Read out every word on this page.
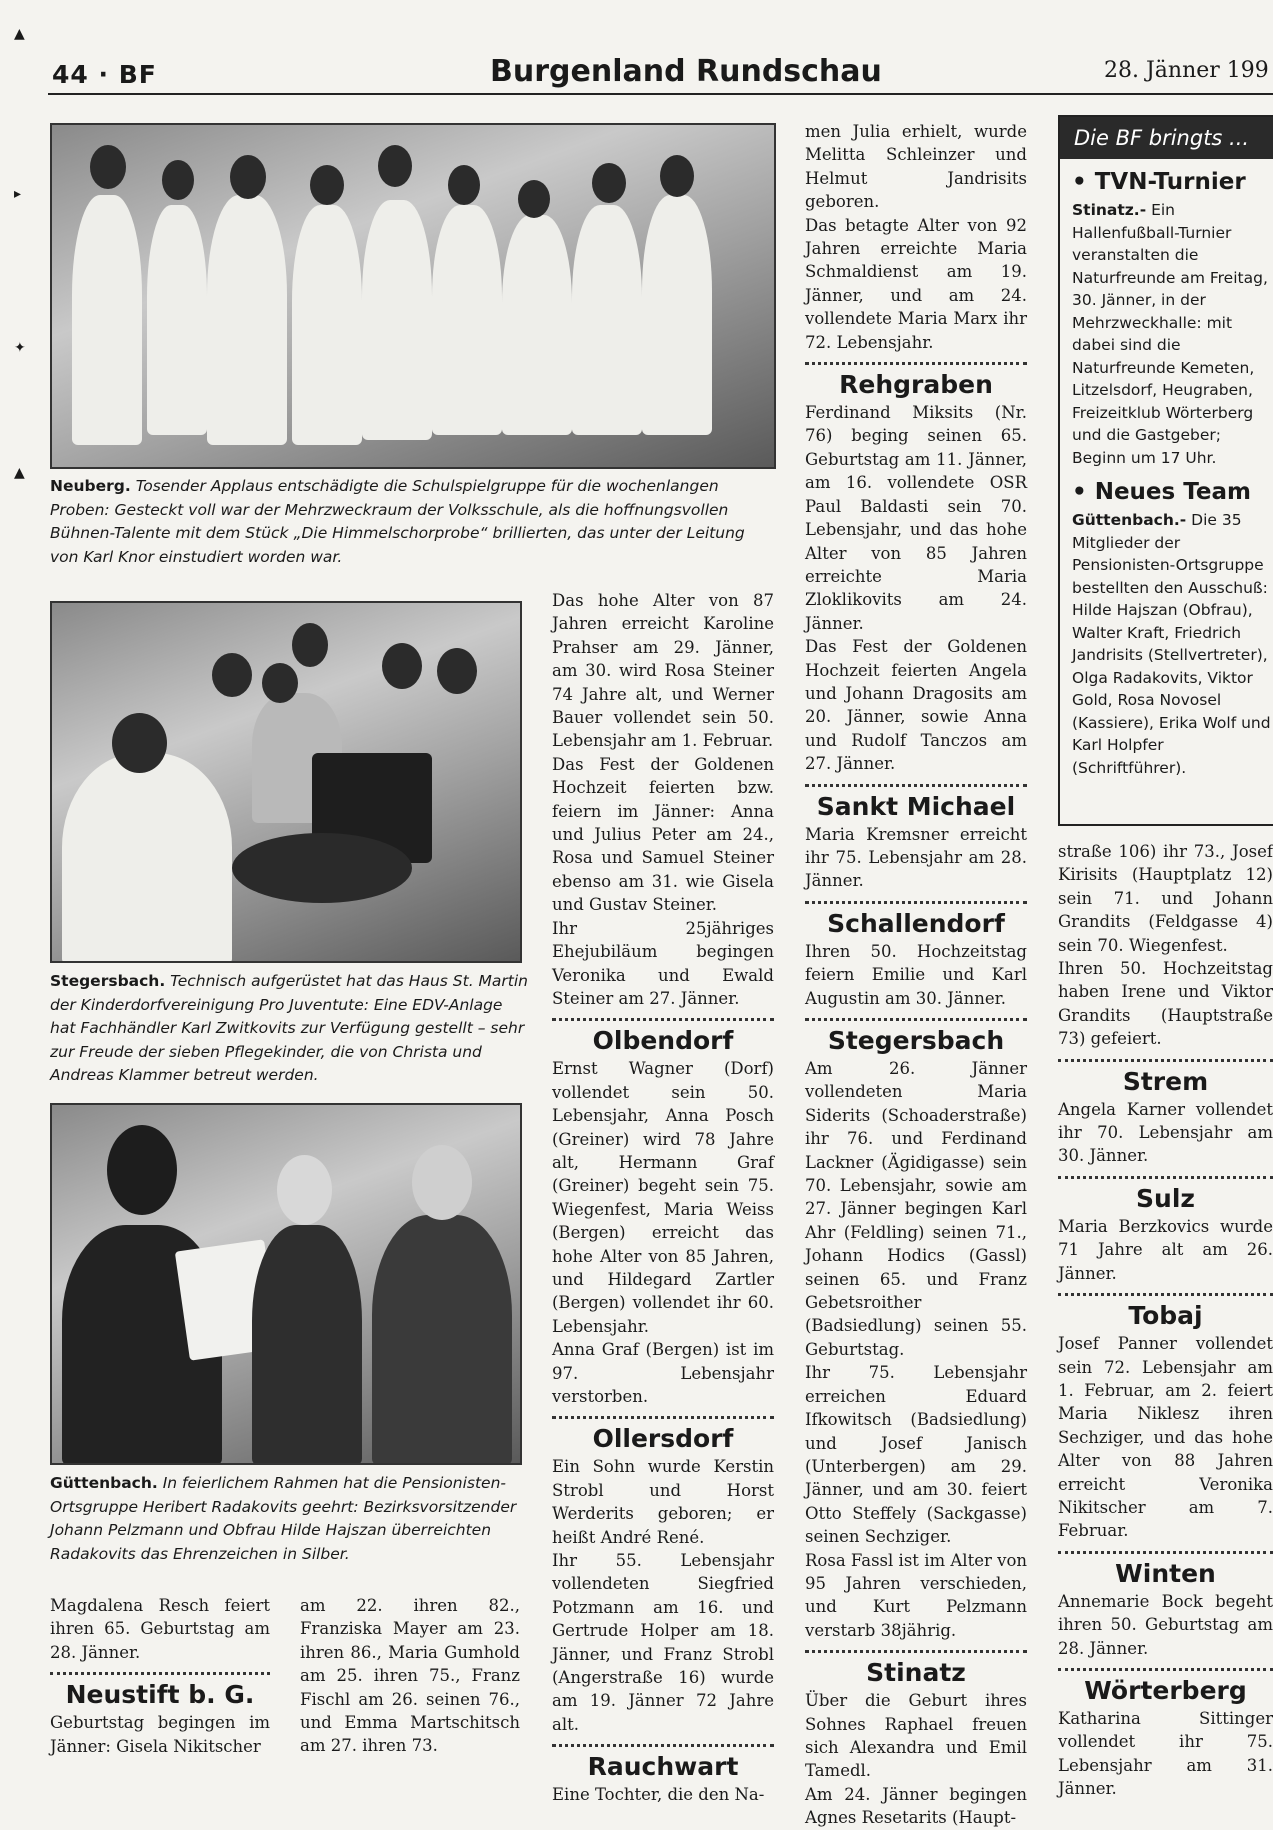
44 · BF	Burgenland Rundschau	28. Jänner 199
▲
▸
✦
▲
Neuberg. Tosender Applaus entschädigte die Schulspielgruppe für die wochenlangen Proben: Gesteckt voll war der Mehrzweckraum der Volksschule, als die hoffnungsvollen Bühnen-Talente mit dem Stück „Die Himmelschorprobe“ brillierten, das unter der Leitung von Karl Knor einstudiert worden war.
Stegersbach. Technisch aufgerüstet hat das Haus St. Martin der Kinderdorfvereinigung Pro Juventute: Eine EDV-Anlage hat Fachhändler Karl Zwitkovits zur Verfügung gestellt – sehr zur Freude der sieben Pflegekinder, die von Christa und Andreas Klammer betreut werden.
Güttenbach. In feierlichem Rahmen hat die Pensionisten-Ortsgruppe Heribert Radakovits geehrt: Bezirksvorsitzender Johann Pelzmann und Obfrau Hilde Hajszan überreichten Radakovits das Ehrenzeichen in Silber.

Magdalena Resch feiert ihren 65. Geburtstag am 28. Jänner.

Neustift b. G.

Geburtstag begingen im Jänner: Gisela Nikitscher

am 22. ihren 82., Franziska Mayer am 23. ihren 86., Maria Gumhold am 25. ihren 75., Franz Fischl am 26. seinen 76., und Emma Martschitsch am 27. ihren 73.

Das hohe Alter von 87 Jahren erreicht Karoline Prahser am 29. Jänner, am 30. wird Rosa Steiner 74 Jahre alt, und Werner Bauer vollendet sein 50. Lebensjahr am 1. Februar.

Das Fest der Goldenen Hochzeit feierten bzw. feiern im Jänner: Anna und Julius Peter am 24., Rosa und Samuel Steiner ebenso am 31. wie Gisela und Gustav Steiner.

Ihr 25jähriges Ehejubiläum begingen Veronika und Ewald Steiner am 27. Jänner.

Olbendorf

Ernst Wagner (Dorf) vollendet sein 50. Lebensjahr, Anna Posch (Greiner) wird 78 Jahre alt, Hermann Graf (Greiner) begeht sein 75. Wiegenfest, Maria Weiss (Bergen) erreicht das hohe Alter von 85 Jahren, und Hildegard Zartler (Bergen) vollendet ihr 60. Lebensjahr.

Anna Graf (Bergen) ist im 97. Lebensjahr verstorben.

Ollersdorf

Ein Sohn wurde Kerstin Strobl und Horst Werderits geboren; er heißt André René.

Ihr 55. Lebensjahr vollendeten Siegfried Potzmann am 16. und Gertrude Holper am 18. Jänner, und Franz Strobl (Angerstraße 16) wurde am 19. Jänner 72 Jahre alt.

Rauchwart

Eine Tochter, die den Na-

men Julia erhielt, wurde Melitta Schleinzer und Helmut Jandrisits geboren.

Das betagte Alter von 92 Jahren erreichte Maria Schmaldienst am 19. Jänner, und am 24. vollendete Maria Marx ihr 72. Lebensjahr.

Rehgraben

Ferdinand Miksits (Nr. 76) beging seinen 65. Geburtstag am 11. Jänner, am 16. vollendete OSR Paul Baldasti sein 70. Lebensjahr, und das hohe Alter von 85 Jahren erreichte Maria Zloklikovits am 24. Jänner.

Das Fest der Goldenen Hochzeit feierten Angela und Johann Dragosits am 20. Jänner, sowie Anna und Rudolf Tanczos am 27. Jänner.

Sankt Michael

Maria Kremsner erreicht ihr 75. Lebensjahr am 28. Jänner.

Schallendorf

Ihren 50. Hochzeitstag feiern Emilie und Karl Augustin am 30. Jänner.

Stegersbach

Am 26. Jänner vollendeten Maria Siderits (Schoaderstraße) ihr 76. und Ferdinand Lackner (Ägidigasse) sein 70. Lebensjahr, sowie am 27. Jänner begingen Karl Ahr (Feldling) seinen 71., Johann Hodics (Gassl) seinen 65. und Franz Gebetsroither (Badsiedlung) seinen 55. Geburtstag.

Ihr 75. Lebensjahr erreichen Eduard Ifkowitsch (Badsiedlung) und Josef Janisch (Unterbergen) am 29. Jänner, und am 30. feiert Otto Steffely (Sackgasse) seinen Sechziger.

Rosa Fassl ist im Alter von 95 Jahren verschieden, und Kurt Pelzmann verstarb 38jährig.

Stinatz

Über die Geburt ihres Sohnes Raphael freuen sich Alexandra und Emil Tamedl.

Am 24. Jänner begingen Agnes Resetarits (Haupt-

Die BF bringts ...
• TVN-Turnier

Stinatz.- Ein Hallenfußball-Turnier veranstalten die Naturfreunde am Freitag, 30. Jänner, in der Mehrzweckhalle: mit dabei sind die Naturfreunde Kemeten, Litzelsdorf, Heugraben, Freizeitklub Wörterberg und die Gastgeber; Beginn um 17 Uhr.

• Neues Team

Güttenbach.- Die 35 Mitglieder der Pensionisten-Ortsgruppe bestellten den Ausschuß: Hilde Hajszan (Obfrau), Walter Kraft, Friedrich Jandrisits (Stellvertreter), Olga Radakovits, Viktor Gold, Rosa Novosel (Kassiere), Erika Wolf und Karl Holpfer (Schriftführer).

straße 106) ihr 73., Josef Kirisits (Hauptplatz 12) sein 71. und Johann Grandits (Feldgasse 4) sein 70. Wiegenfest.

Ihren 50. Hochzeitstag haben Irene und Viktor Grandits (Hauptstraße 73) gefeiert.

Strem

Angela Karner vollendet ihr 70. Lebensjahr am 30. Jänner.

Sulz

Maria Berzkovics wurde 71 Jahre alt am 26. Jänner.

Tobaj

Josef Panner vollendet sein 72. Lebensjahr am 1. Februar, am 2. feiert Maria Niklesz ihren Sechziger, und das hohe Alter von 88 Jahren erreicht Veronika Nikitscher am 7. Februar.

Winten

Annemarie Bock begeht ihren 50. Geburtstag am 28. Jänner.

Wörterberg

Katharina Sittinger vollendet ihr 75. Lebensjahr am 31. Jänner.
